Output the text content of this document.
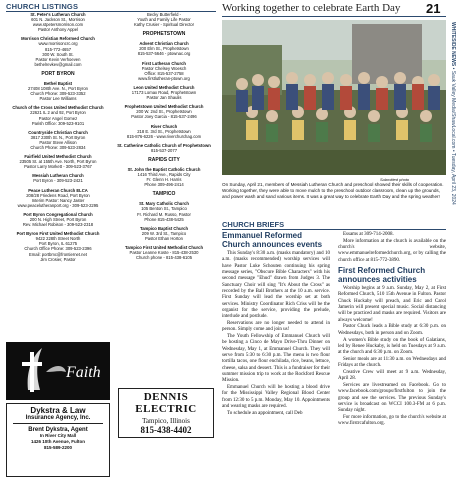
CHURCH LISTINGS
St. Peter's Lutheran Church
601 N. Jackson St., Morrison
www.stpetersmorrison.com
Pastor Anthony Appel
Morrison Christian Reformed Church
www.morrisoncrc.org
815-772-4657
300 W. South St.
Pastor Kevin Verhoeven
bethelrevkev@gmail.com
PORT BYRON
Bethel Baptist
27408 108th Ave. N., Port Byron
Church Phone: 309-523-3352
Pastor Lee Williams
Church of the Cross United Methodist Church
22621 IL 2 and 92, Port Byron
Pastor Angel Gomez
Parish Office: 309-523-9101
Countryside Christian Church
3817 230th St. N., Port Byron
Pastor Steve Allison
Church Phone: 309-523-2834
Fairfield United Methodist Church
23505 St. at 155th Ave. North, Port Byron
Pastor Larry Morkett - 309-523-3767
Messiah Lutheran Church
Port Byron - 309-523-2421
Peace Lutheran Church ELCA
208/28 Friedens Road, Port Byron
Interim Pastor: Nancy Jaster
www.peacelutheranport.org - 309-523-2295
Port Byron Congregational Church
200 N. High Street, Port Byron
Rev. Michael Robison - 309-523-2318
Port Byron First United Methodist Church
9422 228th Street North
Port Byron, IL 61275
Church Office Phone: 309-523-2396
Email: portbmc@frontiernet.net
Jim Crosier, Pastor
Becky Butterfield -
Youth and Family Life Pastor
Kathy Crusier - Spiritual Director
PROPHETSTOWN
Advent Christian Church
200 Elm St., Prophetstown
815-537-5646 - ptownac.org
First Lutheran Church
Pastor Chelsey Woesch
Office: 815-537-2758
www.firstlutheran-ptown.org
Leon United Methodist Church
17173 Lomax Road, Prophetstown
Pastor Jan Shaulis
Prophetstown United Methodist Church
200 W. 2nd St., Prophetstown
Pastor Joey Garcia - 815-537-2496
River Church
218 E. 3rd St., Prophetstown
815-876-6226 - www.riverchurchag.com
St. Catherine Catholic Church of Prophetstown
815-537-2077
RAPIDS CITY
St. John the Baptist Catholic Church
1416 Third Ave., Rapids City
Fr. Glenn H. Harris
Phone 309-496-2414
TAMPICO
St. Mary Catholic Church
105 Benton St., Tampico
Fr. Richard M. Russo, Pastor
Phone 815-438-5425
Tampico Baptist Church
209 W. 3rd St., Tampico
Pastor Ethan Horton
Tampico First United Methodist Church
Pastor Leanne Koste - 815-438-2530
Church phone - 815-438-6105
Faith
Dykstra & Law
Insurance Agency, Inc.
Brent Dykstra, Agent
In River City Mall
1426 10th Avenue, Fulton
815-589-2200
DENNIS
ELECTRIC
Tampico, Illinois
815-438-4402
Working together to celebrate Earth Day 21
WHITESIDE NEWS • Sauk Valley Media/ShawLocal.com • Tuesday, April 23, 2024
Submitted photo
On Sunday, April 21, members of Messiah Lutheran Church and preschool showed their skills of cooperation. Working together, they were able to move mulch to the preschool outdoor classroom, clean up the grounds, and power wash and sand various items. It was a great way to celebrate Earth Day and the spring weather!
CHURCH BRIEFS
Emmanuel Reformed Church announces events

This Sunday's 8:30 a.m. (masks mandatory) and 10 a.m. (masks recommended) worship services will have Pastor Luke Schouten continuing his spring message series, "Obscure Bible Characters" with his second message "Ehud" drawn from Judges 3. The Sanctuary Choir will sing "It's About the Cross" as recorded by the Ball Brothers at the 10 a.m. service. First Sunday will lead the worship set at both services. Ministry Coordinator Rich Criss will be the organist for the service, providing the prelude, interlude and postlude.

Reservations are no longer needed to attend in person. Simply come and join us!

The Youth Fellowship of Emmanuel Church will be hosting a Cinco de Mayo Drive-Thru Dinner on Wednesday, May 1, at Emmanuel Church. They will serve from 5:30 to 6:30 p.m. The menu is two flour tortilla tacos, one flour enchilada, rice, beans, lettuce, cheese, salsa and dessert. This is a fundraiser for their summer mission trip to work at the Rockford Rescue Mission.

Emmanuel Church will be hosting a blood drive for the Mississippi Valley Regional Blood Center from 12:30 to 5 p.m. Monday, May 10. Appointments and wearing masks are required.

To schedule an appointment, call Deb

Essams at 309-714-2008.

More information at the church is available on the church's website, www.emmanuelreformedchurch.org, or by calling the church office at 815-772-3890.

First Reformed Church announces activities

Worship begins at 9 a.m. Sunday, May 2, at First Reformed Church, 510 15th Avenue in Fulton. Pastor Chuck Huckaby will preach, and Eric and Carol Jamerin will present special music. Social distancing will be practiced and masks are required. Visitors are always welcome!

Pastor Chuck leads a Bible study at 6:30 p.m. on Wednesdays, both in person and on Zoom.

A women's Bible study on the book of Galatians, led by Renee Huckaby, is held on Tuesdays at 9 a.m. at the church and 6:30 p.m. on Zoom.

Senior meals are at 11:30 a.m. on Wednesdays and Fridays at the church.

Creative Crew will meet at 9 a.m. Wednesday, April 28.

Services are livestreamed on Facebook. Go to www.facebook.com/groups/firstfulton to join the group and see the services. The previous Sunday's service is broadcast on WCCI 100.3-FM at 6 p.m. Sunday night.

For more information, go to the church's website at www.firstrcafulton.org.
